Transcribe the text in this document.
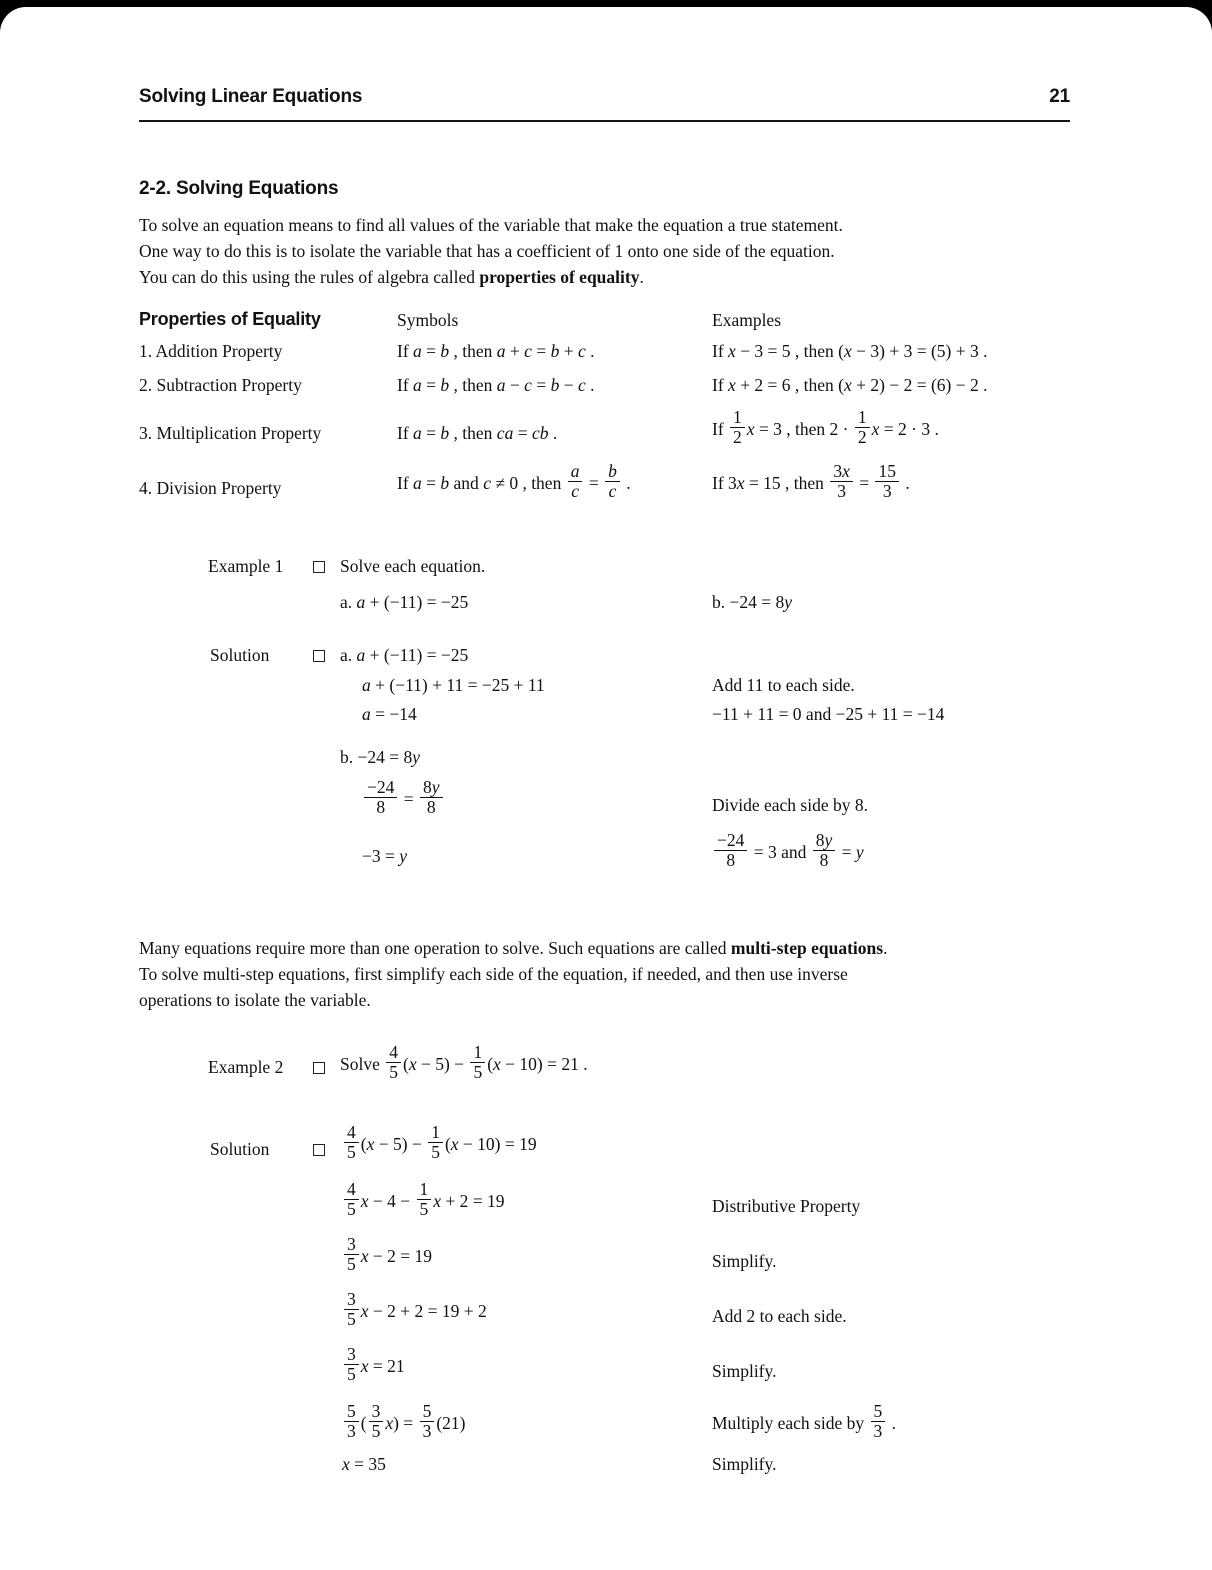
Solving Linear Equations	21
2-2. Solving Equations
To solve an equation means to find all values of the variable that make the equation a true statement.
One way to do this is to isolate the variable that has a coefficient of 1 onto one side of the equation.
You can do this using the rules of algebra called properties of equality.
Properties of Equality	Symbols	Examples
1. Addition Property	If a = b , then a + c = b + c .	If x − 3 = 5 , then (x − 3) + 3 = (5) + 3 .
2. Subtraction Property	If a = b , then a − c = b − c .	If x + 2 = 6 , then (x + 2) − 2 = (6) − 2 .
3. Multiplication Property	If a = b , then ca = cb .	If $\frac{1}{2}$ x = 3 , then $2 \cdot \frac{1}{2}$ x = 2 · 3 .
4. Division Property	If a = b and c ≠ 0 , then $\frac{a}{c} = \frac{b}{c}$ .	If 3x = 15 , then $\frac{3x}{3} = \frac{15}{3}$ .
Example 1	Solve each equation.
a. a + (−11) = −25	b. −24 = 8y
Solution	a. a + (−11) = −25
a + (−11) + 11 = −25 + 11	Add 11 to each side.
a = −14	−11 + 11 = 0 and −25 + 11 = −14
b. −24 = 8y
$\frac{-24}{8} = \frac{8y}{8}$	Divide each side by 8.
−3 = y	$\frac{-24}{8} = 3$ and $\frac{8y}{8} = y$
Many equations require more than one operation to solve. Such equations are called multi-step equations.
To solve multi-step equations, first simplify each side of the equation, if needed, and then use inverse
operations to isolate the variable.
Example 2	Solve $\frac{4}{5} (x - 5) - \frac{1}{5} (x - 10) = 21$ .
Solution	$\frac{4}{5} (x - 5) - \frac{1}{5} (x - 10) = 19$
$\frac{4}{5}$ $x - 4 - \frac{1}{5}$ x + 2 = 19	Distributive Property
$\frac{3}{5}$ x − 2 = 19	Simplify.
$\frac{3}{5}$ x − 2 + 2 = 19 + 2	Add 2 to each side.
$\frac{3}{5}$ x = 21	Simplify.
$\frac{5}{3}$ ( $\frac{3}{5} x) = \frac{5}{3} (21)$	Multiply each side by $\frac{5}{3}$ .
x = 35	Simplify.
